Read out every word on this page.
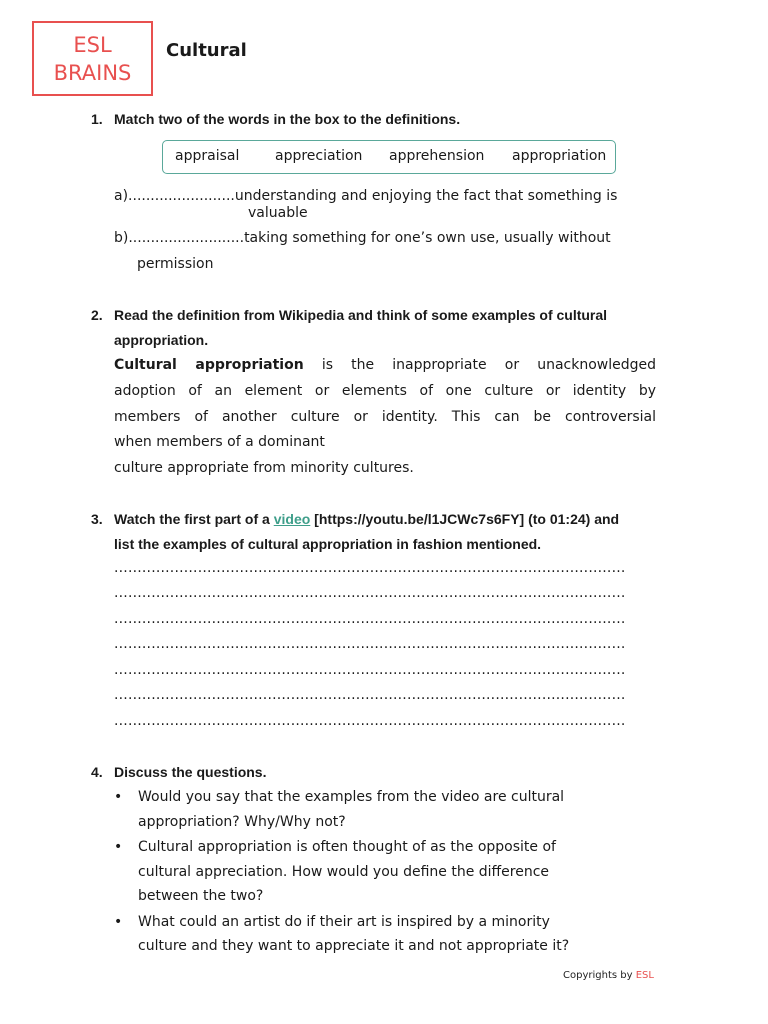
ESL
BRAINS
Cultural
1. Match two of the words in the box to the definitions.
appraisal	appreciation apprehension appropriation
a)........................understanding and enjoying the fact that something is
valuable
b)..........................taking something for one’s own use, usually without
permission
2. Read the definition from Wikipedia and think of some examples of cultural
appropriation.
Cultural appropriation is the inappropriate or unacknowledged
adoption of an element or elements of one culture or identity by
members of another culture or identity. This can be controversial
when members of a dominant
culture appropriate from minority cultures.
3. Watch the first part of a video [https://youtu.be/l1JCWc7s6FY] (to 01:24) and
list the examples of cultural appropriation in fashion mentioned.
..............................................................................................................
..............................................................................................................
..............................................................................................................
..............................................................................................................
..............................................................................................................
..............................................................................................................
..............................................................................................................
4. Discuss the questions.
• Would you say that the examples from the video are cultural
appropriation? Why/Why not?
• Cultural appropriation is often thought of as the opposite of
cultural appreciation. How would you define the difference
between the two?
• What could an artist do if their art is inspired by a minority
culture and they want to appreciate it and not appropriate it?
Copyrights by ESL
